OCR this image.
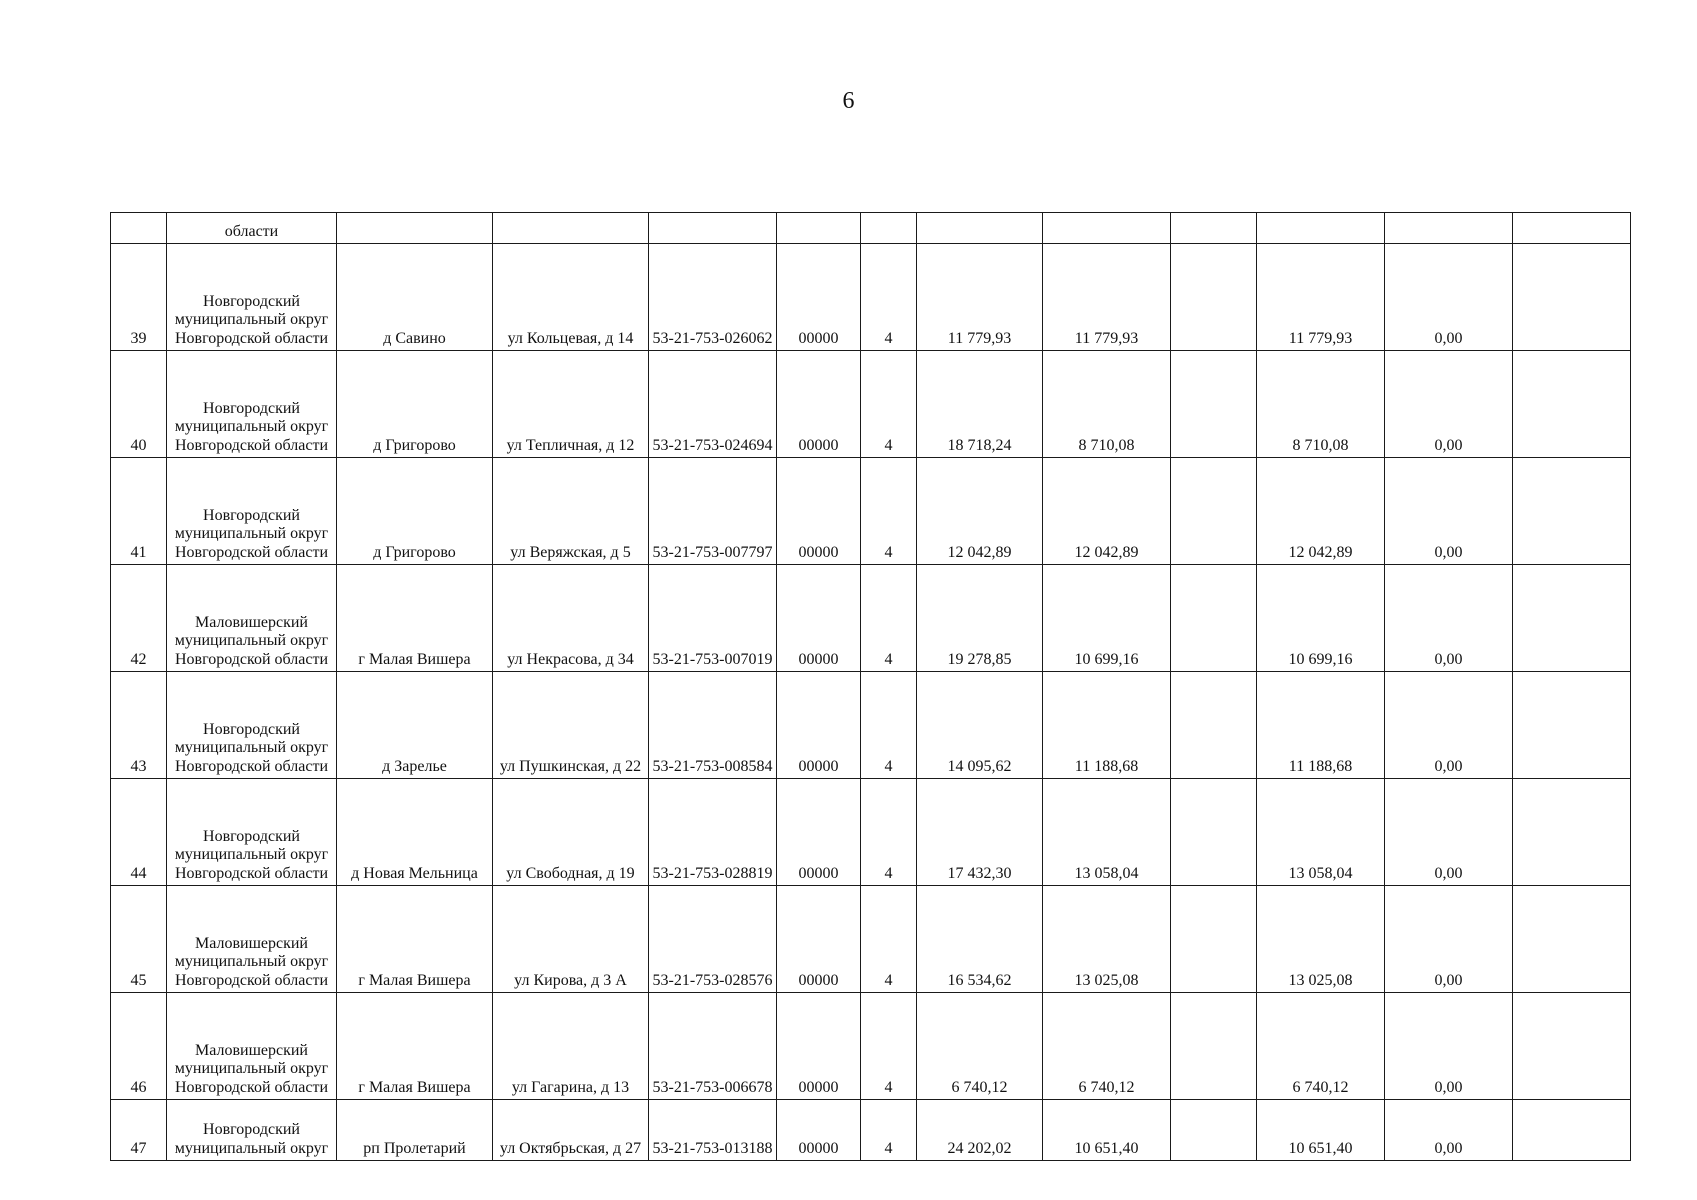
6
	области											
39	Новгородский муниципальный округ Новгородской области	д Савино	ул Кольцевая, д 14	53-21-753-026062	00000	4	11 779,93	11 779,93		11 779,93	0,00	
40	Новгородский муниципальный округ Новгородской области	д Григорово	ул Тепличная, д 12	53-21-753-024694	00000	4	18 718,24	8 710,08		8 710,08	0,00	
41	Новгородский муниципальный округ Новгородской области	д Григорово	ул Веряжская, д 5	53-21-753-007797	00000	4	12 042,89	12 042,89		12 042,89	0,00	
42	Маловишерский муниципальный округ Новгородской области	г Малая Вишера	ул Некрасова, д 34	53-21-753-007019	00000	4	19 278,85	10 699,16		10 699,16	0,00	
43	Новгородский муниципальный округ Новгородской области	д Зарелье	ул Пушкинская, д 22	53-21-753-008584	00000	4	14 095,62	11 188,68		11 188,68	0,00	
44	Новгородский муниципальный округ Новгородской области	д Новая Мельница	ул Свободная, д 19	53-21-753-028819	00000	4	17 432,30	13 058,04		13 058,04	0,00	
45	Маловишерский муниципальный округ Новгородской области	г Малая Вишера	ул Кирова, д 3 А	53-21-753-028576	00000	4	16 534,62	13 025,08		13 025,08	0,00	
46	Маловишерский муниципальный округ Новгородской области	г Малая Вишера	ул Гагарина, д 13	53-21-753-006678	00000	4	6 740,12	6 740,12		6 740,12	0,00	
47	Новгородский муниципальный округ	рп Пролетарий	ул Октябрьская, д 27	53-21-753-013188	00000	4	24 202,02	10 651,40		10 651,40	0,00	
